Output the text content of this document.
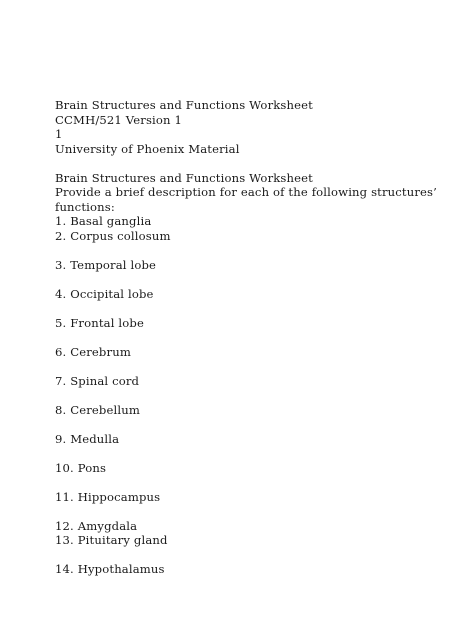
Brain Structures and Functions Worksheet
CCMH/521 Version 1
1
University of Phoenix Material
Brain Structures and Functions Worksheet
Provide a brief description for each of the following structures’
functions:
1. Basal ganglia
2. Corpus collosum
3. Temporal lobe
4. Occipital lobe
5. Frontal lobe
6. Cerebrum
7. Spinal cord
8. Cerebellum
9. Medulla
10. Pons
11. Hippocampus
12. Amygdala
13. Pituitary gland
14. Hypothalamus
